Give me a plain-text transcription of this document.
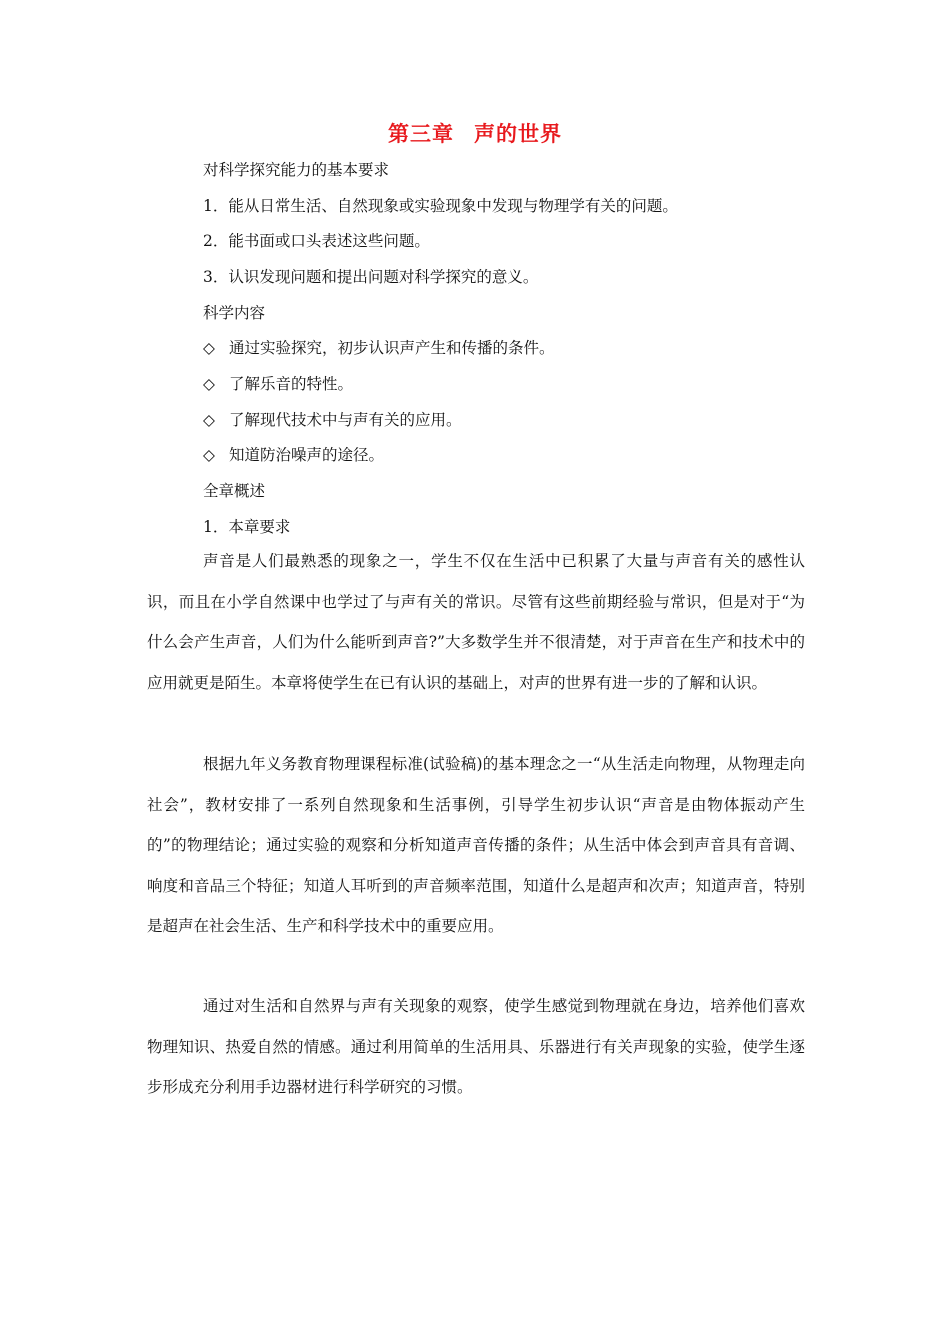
第三章 声的世界
对科学探究能力的基本要求
1．能从日常生活、自然现象或实验现象中发现与物理学有关的问题。
2．能书面或口头表述这些问题。
3．认识发现问题和提出问题对科学探究的意义。
科学内容
◇ 通过实验探究，初步认识声产生和传播的条件。
◇ 了解乐音的特性。
◇ 了解现代技术中与声有关的应用。
◇ 知道防治噪声的途径。
全章概述
1．本章要求

声音是人们最熟悉的现象之一，学生不仅在生活中已积累了大量与声音有关的感性认识，而且在小学自然课中也学过了与声有关的常识。尽管有这些前期经验与常识，但是对于“为什么会产生声音，人们为什么能听到声音?”大多数学生并不很清楚，对于声音在生产和技术中的应用就更是陌生。本章将使学生在已有认识的基础上，对声的世界有进一步的了解和认识。

根据九年义务教育物理课程标准(试验稿)的基本理念之一“从生活走向物理，从物理走向社会”，教材安排了一系列自然现象和生活事例，引导学生初步认识“声音是由物体振动产生的”的物理结论；通过实验的观察和分析知道声音传播的条件；从生活中体会到声音具有音调、响度和音品三个特征；知道人耳听到的声音频率范围，知道什么是超声和次声；知道声音，特别是超声在社会生活、生产和科学技术中的重要应用。

通过对生活和自然界与声有关现象的观察，使学生感觉到物理就在身边，培养他们喜欢物理知识、热爱自然的情感。通过利用简单的生活用具、乐器进行有关声现象的实验，使学生逐步形成充分利用手边器材进行科学研究的习惯。
